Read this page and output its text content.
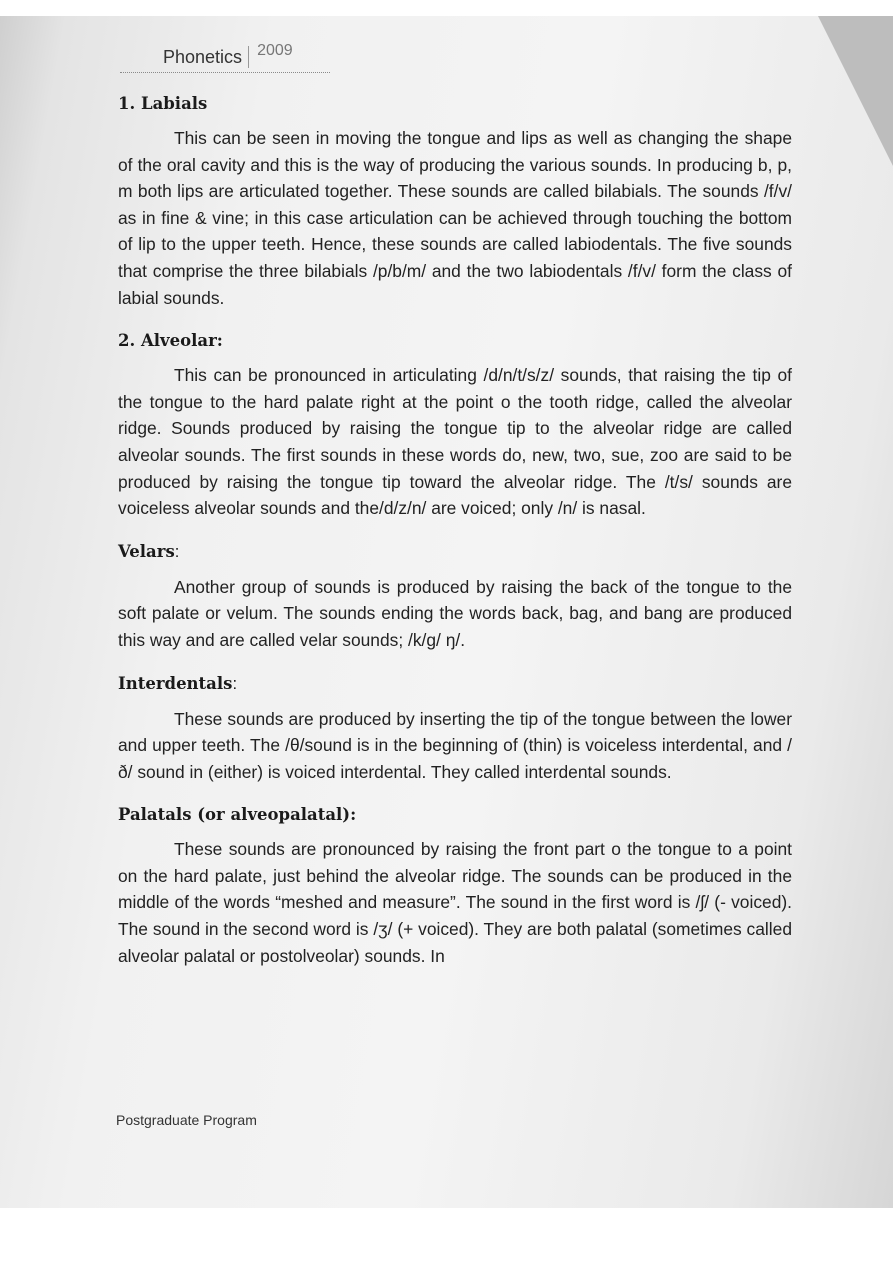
Phonetics 2009
1. Labials

This can be seen in moving the tongue and lips as well as changing the shape of the oral cavity and this is the way of producing the various sounds. In producing b, p, m both lips are articulated together. These sounds are called bilabials. The sounds /f/v/ as in fine & vine; in this case articulation can be achieved through touching the bottom of lip to the upper teeth. Hence, these sounds are called labiodentals. The five sounds that comprise the three bilabials /p/b/m/ and the two labiodentals /f/v/ form the class of labial sounds.

2. Alveolar:

This can be pronounced in articulating /d/n/t/s/z/ sounds, that raising the tip of the tongue to the hard palate right at the point o the tooth ridge, called the alveolar ridge. Sounds produced by raising the tongue tip to the alveolar ridge are called alveolar sounds. The first sounds in these words do, new, two, sue, zoo are said to be produced by raising the tongue tip toward the alveolar ridge. The /t/s/ sounds are voiceless alveolar sounds and the/d/z/n/ are voiced; only /n/ is nasal.

Velars:

Another group of sounds is produced by raising the back of the tongue to the soft palate or velum. The sounds ending the words back, bag, and bang are produced this way and are called velar sounds; /k/g/ ŋ/.

Interdentals:

These sounds are produced by inserting the tip of the tongue between the lower and upper teeth. The /θ/sound is in the beginning of (thin) is voiceless interdental, and /ð/ sound in (either) is voiced interdental. They called interdental sounds.

Palatals (or alveopalatal):

These sounds are pronounced by raising the front part o the tongue to a point on the hard palate, just behind the alveolar ridge. The sounds can be produced in the middle of the words “meshed and measure”. The sound in the first word is /ʃ/ (- voiced). The sound in the second word is /ʒ/ (+ voiced). They are both palatal (sometimes called alveolar palatal or postolveolar) sounds. In

Postgraduate Program
